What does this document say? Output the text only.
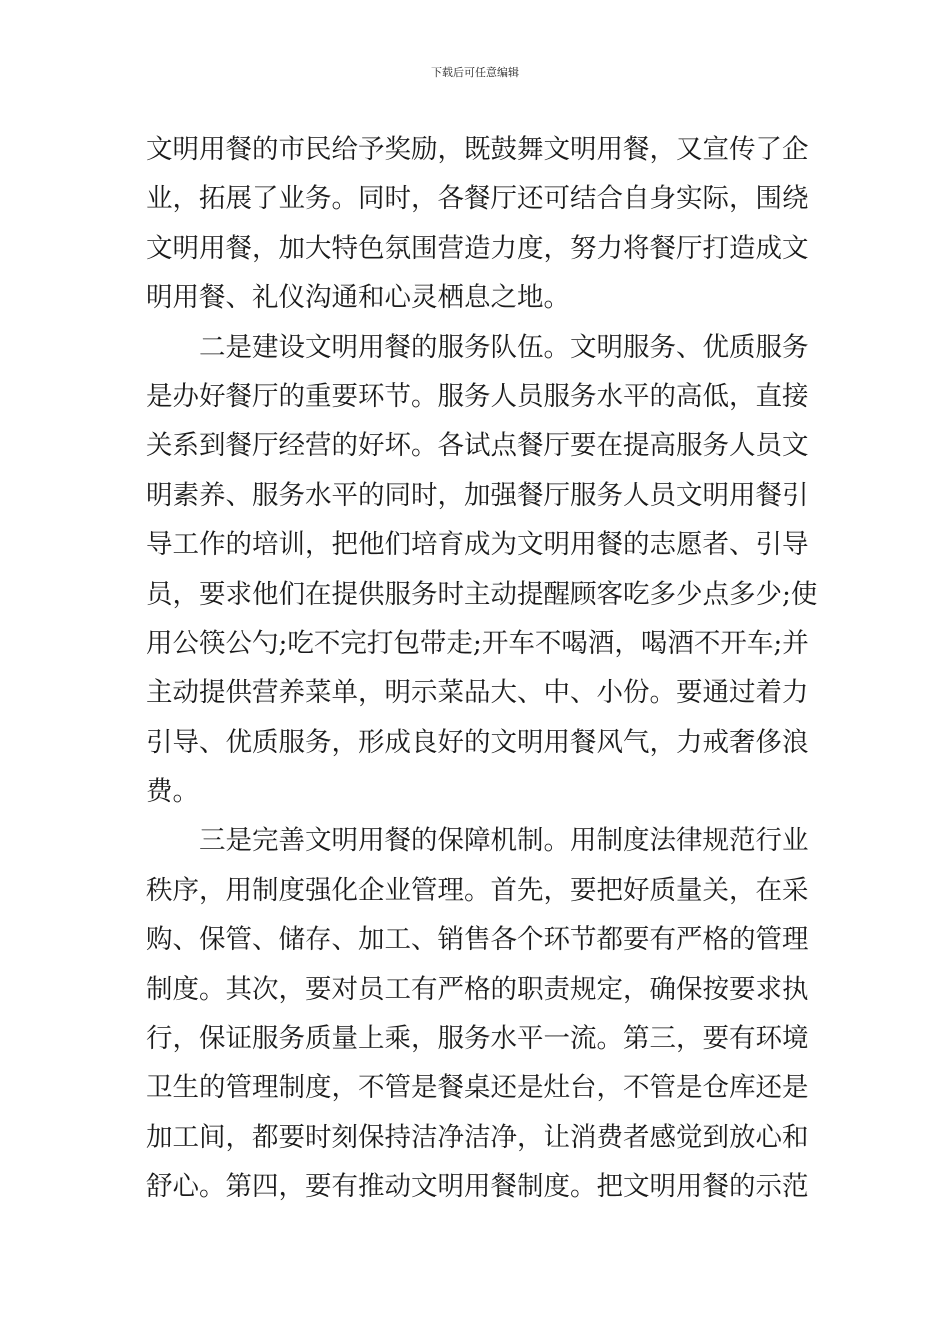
下载后可任意编辑
文明用餐的市民给予奖励，既鼓舞文明用餐，又宣传了企
业，拓展了业务。同时，各餐厅还可结合自身实际，围绕
文明用餐，加大特色氛围营造力度，努力将餐厅打造成文
明用餐、礼仪沟通和心灵栖息之地。
二是建设文明用餐的服务队伍。文明服务、优质服务
是办好餐厅的重要环节。服务人员服务水平的高低，直接
关系到餐厅经营的好坏。各试点餐厅要在提高服务人员文
明素养、服务水平的同时，加强餐厅服务人员文明用餐引
导工作的培训，把他们培育成为文明用餐的志愿者、引导
员，要求他们在提供服务时主动提醒顾客吃多少点多少;使
用公筷公勺;吃不完打包带走;开车不喝酒，喝酒不开车;并
主动提供营养菜单，明示菜品大、中、小份。要通过着力
引导、优质服务，形成良好的文明用餐风气，力戒奢侈浪
费。
三是完善文明用餐的保障机制。用制度法律规范行业
秩序，用制度强化企业管理。首先，要把好质量关，在采
购、保管、储存、加工、销售各个环节都要有严格的管理
制度。其次，要对员工有严格的职责规定，确保按要求执
行，保证服务质量上乘，服务水平一流。第三，要有环境
卫生的管理制度，不管是餐桌还是灶台，不管是仓库还是
加工间，都要时刻保持洁净洁净，让消费者感觉到放心和
舒心。第四，要有推动文明用餐制度。把文明用餐的示范
